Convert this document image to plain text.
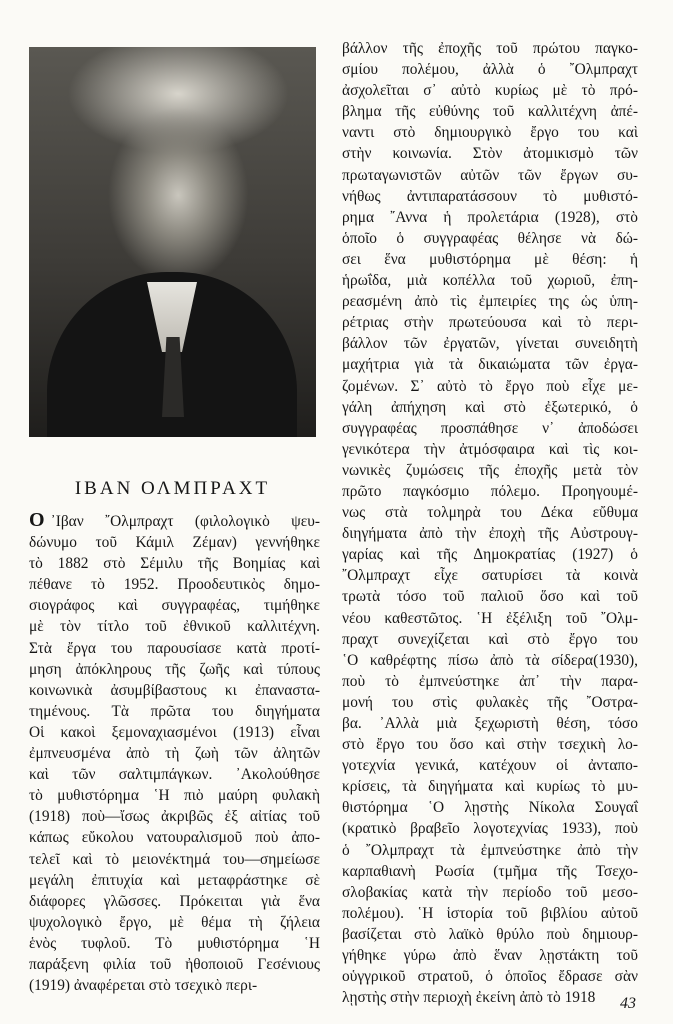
ΙΒΑΝ ΟΛΜΠΡΑΧΤ
Ο ᾿Ιβαν ῎Ολμπραχτ (φιλολογικὸ ψευ-
δώνυμο τοῦ Κάμιλ Ζέμαν) γεννήθηκε
τὸ 1882 στὸ Σέμιλυ τῆς Βοημίας καὶ
πέθανε τὸ 1952. Προοδευτικὸς δημο-
σιογράφος καὶ συγγραφέας, τιμήθηκε
μὲ τὸν τίτλο τοῦ ἐθνικοῦ καλλιτέχνη.
Στὰ ἔργα του παρουσίασε κατὰ προτί-
μηση ἀπόκληρους τῆς ζωῆς καὶ τύπους
κοινωνικὰ ἀσυμβίβαστους κι ἐπαναστα-
τημένους. Τὰ πρῶτα του διηγήματα
Οἱ κακοὶ ξεμοναχιασμένοι (1913) εἶναι
ἐμπνευσμένα ἀπὸ τὴ ζωὴ τῶν ἀλητῶν
καὶ τῶν σαλτιμπάγκων. ᾿Ακολούθησε
τὸ μυθιστόρημα ῾Η πιὸ μαύρη φυλακὴ
(1918) ποὺ—ἴσως ἀκριβῶς ἐξ αἰτίας τοῦ
κάπως εὔκολου νατουραλισμοῦ ποὺ ἀπο-
τελεῖ καὶ τὸ μειονέκτημά του—σημείωσε
μεγάλη ἐπιτυχία καὶ μεταφράστηκε σὲ
διάφορες γλῶσσες. Πρόκειται γιὰ ἕνα
ψυχολογικὸ ἔργο, μὲ θέμα τὴ ζήλεια
ἑνὸς τυφλοῦ. Τὸ μυθιστόρημα ῾Η
παράξενη φιλία τοῦ ἠθοποιοῦ Γεσένιους
(1919) ἀναφέρεται στὸ τσεχικὸ περι-
βάλλον τῆς ἐποχῆς τοῦ πρώτου παγκο-
σμίου πολέμου, ἀλλὰ ὁ ῎Ολμπραχτ
ἀσχολεῖται σ᾿ αὐτὸ κυρίως μὲ τὸ πρό-
βλημα τῆς εὐθύνης τοῦ καλλιτέχνη ἀπέ-
ναντι στὸ δημιουργικὸ ἔργο του καὶ
στὴν κοινωνία. Στὸν ἀτομικισμὸ τῶν
πρωταγωνιστῶν αὐτῶν τῶν ἔργων συ-
νήθως ἀντιπαρατάσσουν τὸ μυθιστό-
ρημα ῎Αννα ἡ προλετάρια (1928), στὸ
ὁποῖο ὁ συγγραφέας θέλησε νὰ δώ-
σει ἕνα μυθιστόρημα μὲ θέση: ἡ
ἡρωΐδα, μιὰ κοπέλλα τοῦ χωριοῦ, ἐπη-
ρεασμένη ἀπὸ τὶς ἐμπειρίες της ὡς ὑπη-
ρέτριας στὴν πρωτεύουσα καὶ τὸ περι-
βάλλον τῶν ἐργατῶν, γίνεται συνειδητὴ
μαχήτρια γιὰ τὰ δικαιώματα τῶν ἐργα-
ζομένων. Σ᾿ αὐτὸ τὸ ἔργο ποὺ εἶχε με-
γάλη ἀπήχηση καὶ στὸ ἐξωτερικό, ὁ
συγγραφέας προσπάθησε ν᾿ ἀποδώσει
γενικότερα τὴν ἀτμόσφαιρα καὶ τὶς κοι-
νωνικὲς ζυμώσεις τῆς ἐποχῆς μετὰ τὸν
πρῶτο παγκόσμιο πόλεμο. Προηγουμέ-
νως στὰ τολμηρὰ του Δέκα εὔθυμα
διηγήματα ἀπὸ τὴν ἐποχὴ τῆς Αὐστρουγ-
γαρίας καὶ τῆς Δημοκρατίας (1927) ὁ
῎Ολμπραχτ εἶχε σατυρίσει τὰ κοινὰ
τρωτὰ τόσο τοῦ παλιοῦ ὅσο καὶ τοῦ
νέου καθεστῶτος. ῾Η ἐξέλιξη τοῦ ῎Ολμ-
πραχτ συνεχίζεται καὶ στὸ ἔργο του
῾Ο καθρέφτης πίσω ἀπὸ τὰ σίδερα(1930),
ποὺ τὸ ἐμπνεύστηκε ἀπ᾿ τὴν παρα-
μονή του στὶς φυλακὲς τῆς ῎Οστρα-
βα. ᾿Αλλὰ μιὰ ξεχωριστὴ θέση, τόσο
στὸ ἔργο του ὅσο καὶ στὴν τσεχικὴ λο-
γοτεχνία γενικά, κατέχουν οἱ ἀνταπο-
κρίσεις, τὰ διηγήματα καὶ κυρίως τὸ μυ-
θιστόρημα ῾Ο λῃστὴς Νίκολα Σουγαΐ
(κρατικὸ βραβεῖο λογοτεχνίας 1933), ποὺ
ὁ ῎Ολμπραχτ τὰ ἐμπνεύστηκε ἀπὸ τὴν
καρπαθιανὴ Ρωσία (τμῆμα τῆς Τσεχο-
σλοβακίας κατὰ τὴν περίοδο τοῦ μεσο-
πολέμου). ῾Η ἱστορία τοῦ βιβλίου αὐτοῦ
βασίζεται στὸ λαϊκὸ θρύλο ποὺ δημιουρ-
γήθηκε γύρω ἀπὸ ἕναν λῃστάκτη τοῦ
οὑγγρικοῦ στρατοῦ, ὁ ὁποῖος ἔδρασε σὰν
λῃστὴς στὴν περιοχὴ ἐκείνη ἀπὸ τὸ 1918	43
